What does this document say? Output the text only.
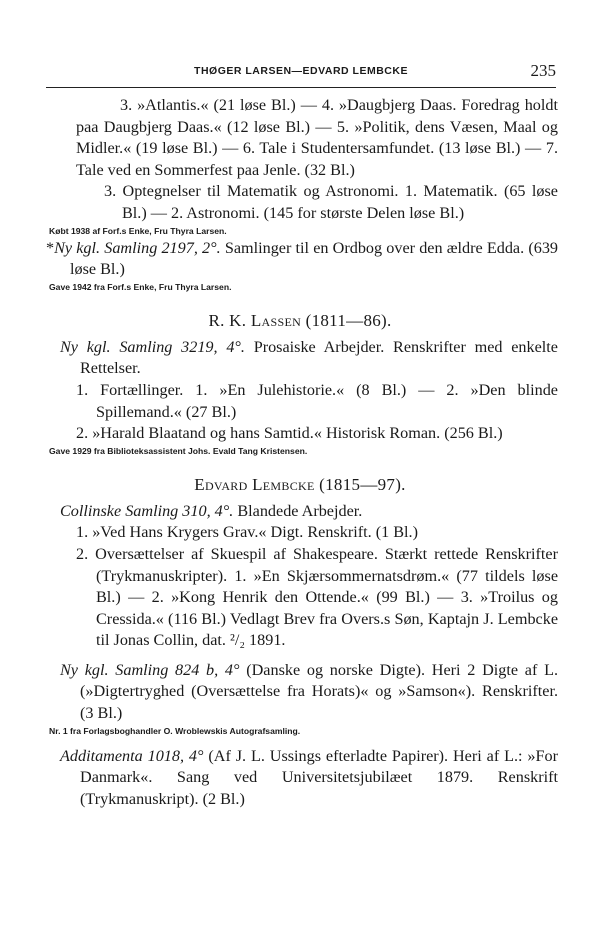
THØGER LARSEN—EDVARD LEMBCKE	235
3. »Atlantis.« (21 løse Bl.) — 4. »Daugbjerg Daas. Foredrag holdt paa Daugbjerg Daas.« (12 løse Bl.) — 5. »Politik, dens Væsen, Maal og Midler.« (19 løse Bl.) — 6. Tale i Studentersamfundet. (13 løse Bl.) — 7. Tale ved en Sommerfest paa Jenle. (32 Bl.)
3. Optegnelser til Matematik og Astronomi. 1. Matematik. (65 løse Bl.) — 2. Astronomi. (145 for største Delen løse Bl.)
Købt 1938 af Forf.s Enke, Fru Thyra Larsen.
*Ny kgl. Samling 2197, 2°. Samlinger til en Ordbog over den ældre Edda. (639 løse Bl.)
Gave 1942 fra Forf.s Enke, Fru Thyra Larsen.
R. K. Lassen (1811—86).
Ny kgl. Samling 3219, 4°. Prosaiske Arbejder. Renskrifter med enkelte Rettelser.
1. Fortællinger. 1. »En Julehistorie.« (8 Bl.) — 2. »Den blinde Spillemand.« (27 Bl.)
2. »Harald Blaatand og hans Samtid.« Historisk Roman. (256 Bl.)
Gave 1929 fra Biblioteksassistent Johs. Evald Tang Kristensen.
Edvard Lembcke (1815—97).
Collinske Samling 310, 4°. Blandede Arbejder.
1. »Ved Hans Krygers Grav.« Digt. Renskrift. (1 Bl.)
2. Oversættelser af Skuespil af Shakespeare. Stærkt rettede Renskrifter (Trykmanuskripter). 1. »En Skjærsommernatsdrøm.« (77 tildels løse Bl.) — 2. »Kong Henrik den Ottende.« (99 Bl.) — 3. »Troilus og Cressida.« (116 Bl.) Vedlagt Brev fra Overs.s Søn, Kaptajn J. Lembcke til Jonas Collin, dat. ²/₂ 1891.
Ny kgl. Samling 824 b, 4° (Danske og norske Digte). Heri 2 Digte af L. (»Digtertryghed (Oversættelse fra Horats)« og »Samson«). Renskrifter. (3 Bl.)
Nr. 1 fra Forlagsboghandler O. Wroblewskis Autografsamling.
Additamenta 1018, 4° (Af J. L. Ussings efterladte Papirer). Heri af L.: »For Danmark«. Sang ved Universitetsjubilæet 1879. Renskrift (Trykmanuskript). (2 Bl.)
